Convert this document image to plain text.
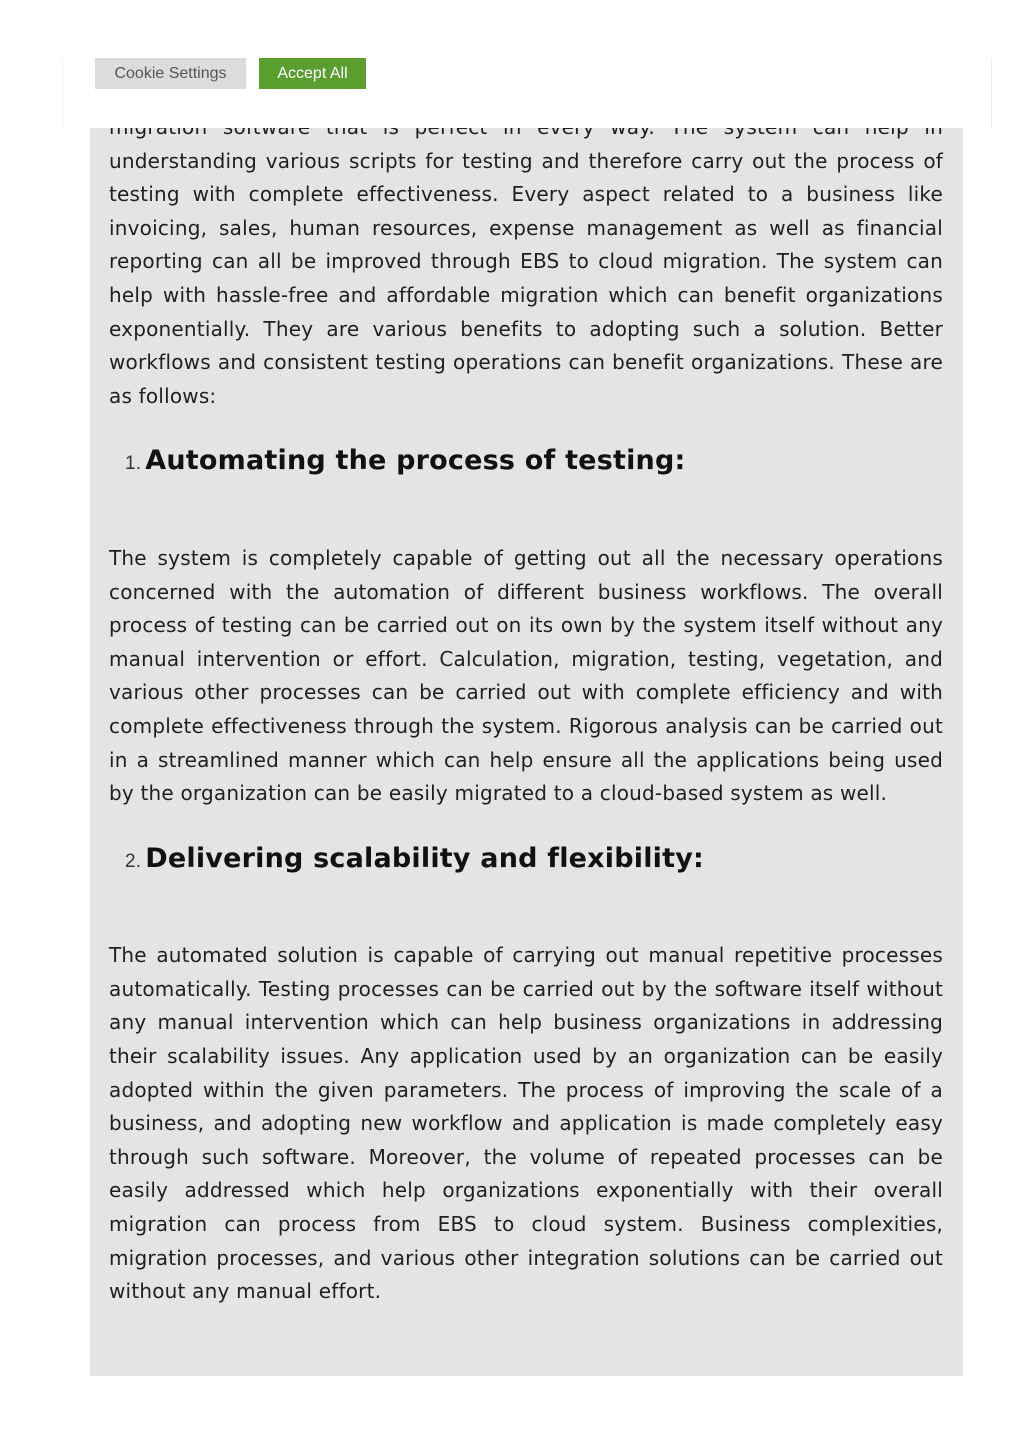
understanding various scripts for testing and therefore carry out the process of testing with complete effectiveness. Every aspect related to a business like invoicing, sales, human resources, expense management as well as financial reporting can all be improved through EBS to cloud migration. The system can help with hassle-free and affordable migration which can benefit organizations exponentially. They are various benefits to adopting such a solution. Better workflows and consistent testing operations can benefit organizations. These are as follows:

1. Automating the process of testing:

The system is completely capable of getting out all the necessary operations concerned with the automation of different business workflows. The overall process of testing can be carried out on its own by the system itself without any manual intervention or effort. Calculation, migration, testing, vegetation, and various other processes can be carried out with complete efficiency and with complete effectiveness through the system. Rigorous analysis can be carried out in a streamlined manner which can help ensure all the applications being used by the organization can be easily migrated to a cloud-based system as well.

2. Delivering scalability and flexibility:

The automated solution is capable of carrying out manual repetitive processes automatically. Testing processes can be carried out by the software itself without any manual intervention which can help business organizations in addressing their scalability issues. Any application used by an organization can be easily adopted within the given parameters. The process of improving the scale of a business, and adopting new workflow and application is made completely easy through such software. Moreover, the volume of repeated processes can be easily addressed which help organizations exponentially with their overall migration can process from EBS to cloud system. Business complexities, migration processes, and various other integration solutions can be carried out without any manual effort.

Cookie Settings	Accept All
